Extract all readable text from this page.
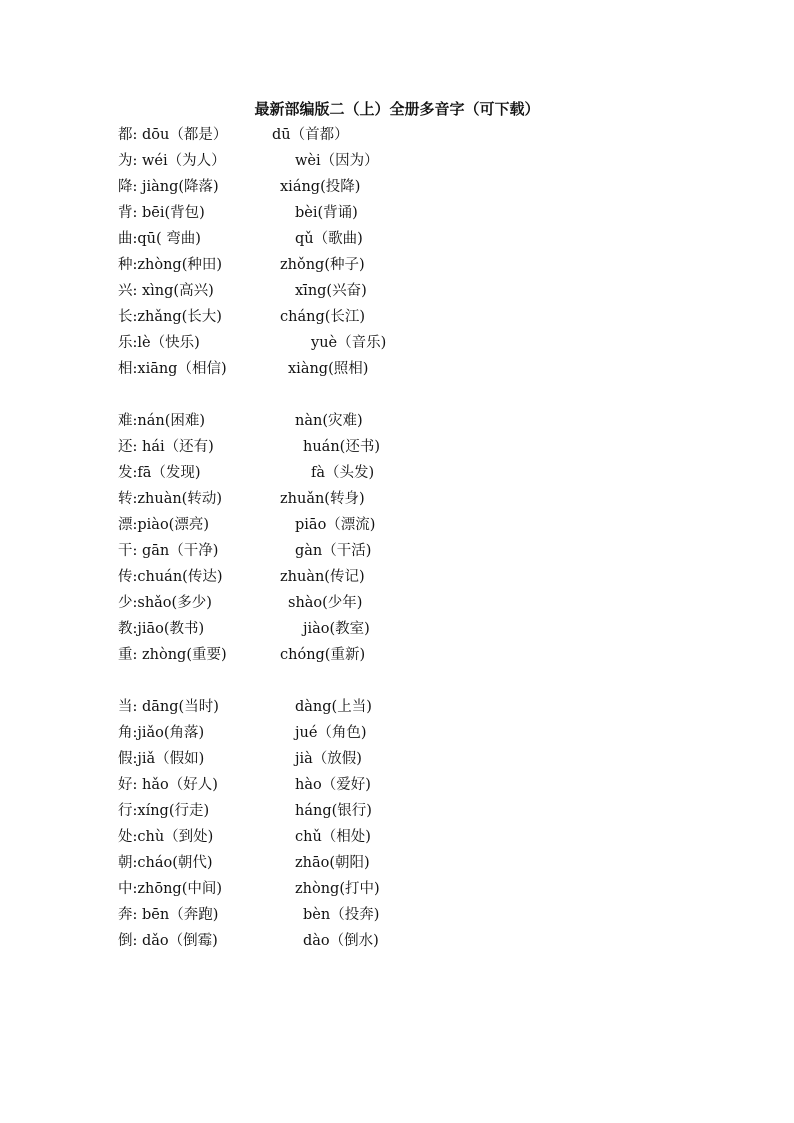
最新部编版二（上）全册多音字（可下载）
都: dōu（都是）	dū（首都）
为: wéi（为人）	wèi（因为）
降: jiàng(降落)	xiáng(投降)
背: bēi(背包)	bèi(背诵)
曲:qū( 弯曲)	qǔ（歌曲)
种:zhòng(种田)	zhǒng(种子)
兴: xìng(高兴)	xīng(兴奋)
长:zhǎng(长大)	cháng(长江)
乐:lè（快乐)	yuè（音乐)
相:xiāng（相信)	xiàng(照相)
难:nán(困难)	nàn(灾难)
还: hái（还有)	huán(还书)
发:fā（发现)	fà（头发)
转:zhuàn(转动)	zhuǎn(转身)
漂:piào(漂亮)	piāo（漂流)
干: gān（干净)	gàn（干活)
传:chuán(传达)	zhuàn(传记)
少:shǎo(多少)	shào(少年)
教:jiāo(教书)	jiào(教室)
重: zhòng(重要)	chóng(重新)
当: dāng(当时)	dàng(上当)
角:jiǎo(角落)	jué（角色)
假:jiǎ（假如)	jià（放假)
好: hǎo（好人)	hào（爱好)
行:xíng(行走)	háng(银行)
处:chù（到处)	chǔ（相处)
朝:cháo(朝代)	zhāo(朝阳)
中:zhōng(中间)	zhòng(打中)
奔: bēn（奔跑)	bèn（投奔)
倒: dǎo（倒霉)	dào（倒水)
